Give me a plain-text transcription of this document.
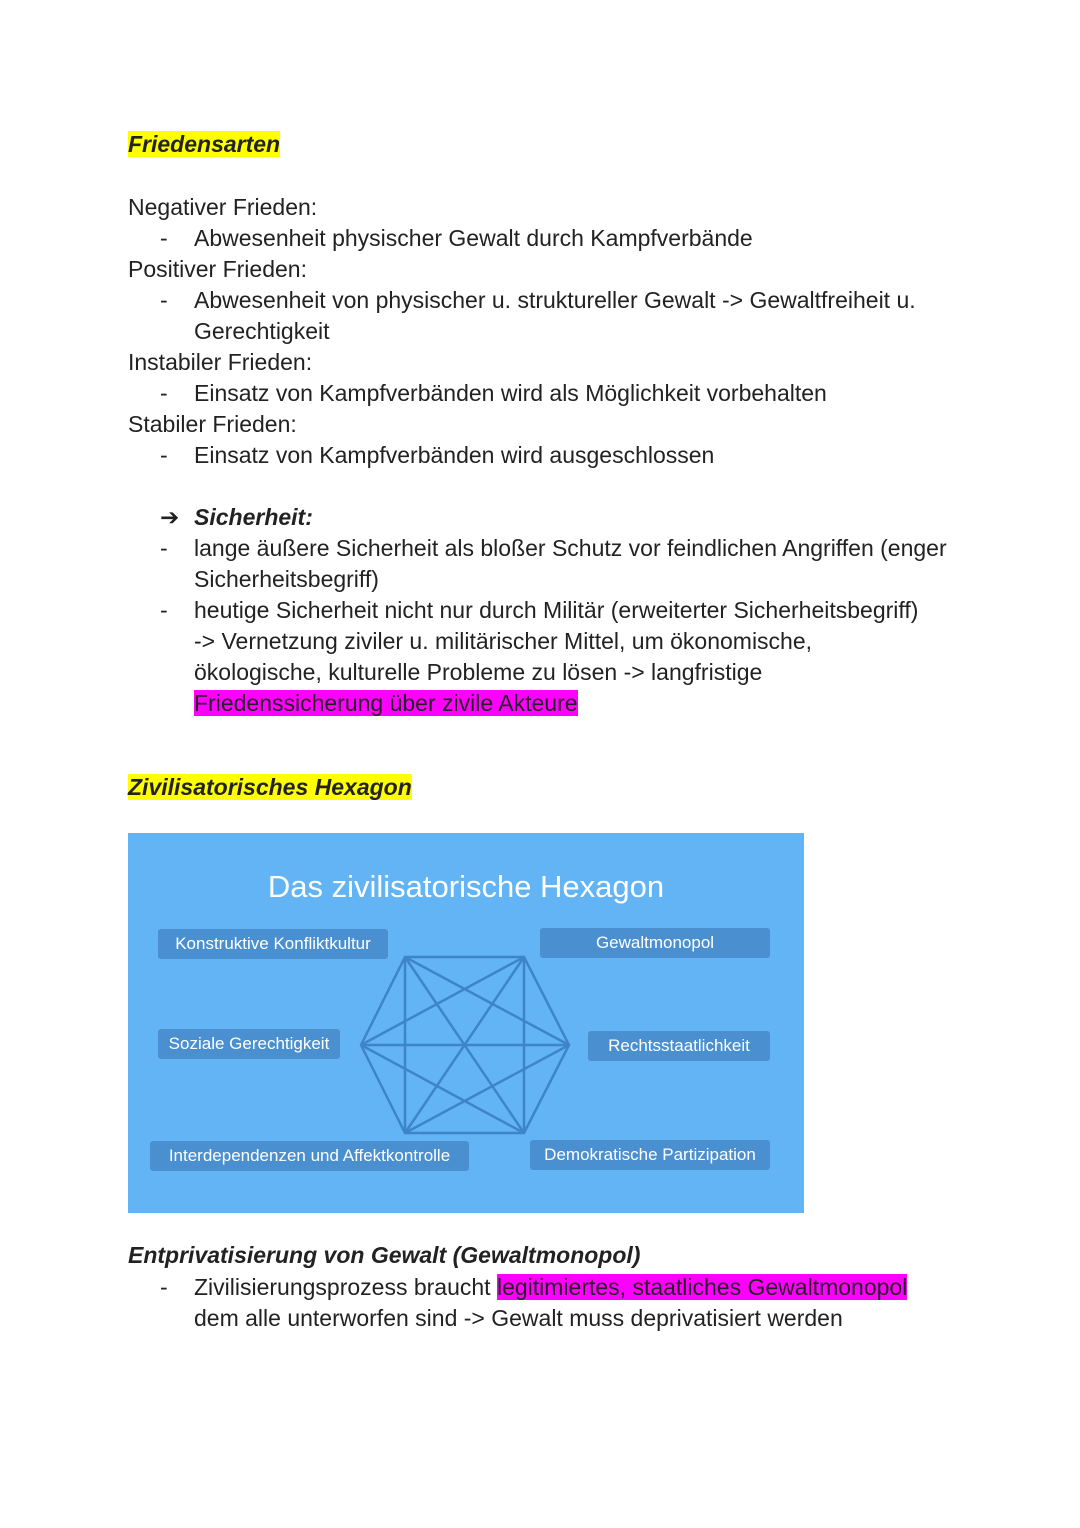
Friedensarten
Negativer Frieden:
- Abwesenheit physischer Gewalt durch Kampfverbände
Positiver Frieden:
- Abwesenheit von physischer u. struktureller Gewalt -> Gewaltfreiheit u.
Gerechtigkeit
Instabiler Frieden:
- Einsatz von Kampfverbänden wird als Möglichkeit vorbehalten
Stabiler Frieden:
- Einsatz von Kampfverbänden wird ausgeschlossen
➔ Sicherheit:
- lange äußere Sicherheit als bloßer Schutz vor feindlichen Angriffen (enger
Sicherheitsbegriff)
- heutige Sicherheit nicht nur durch Militär (erweiterter Sicherheitsbegriff)
-> Vernetzung ziviler u. militärischer Mittel, um ökonomische,
ökologische, kulturelle Probleme zu lösen -> langfristige
Friedenssicherung über zivile Akteure
Zivilisatorisches Hexagon
Das zivilisatorische Hexagon
Konstruktive Konfliktkultur	Gewaltmonopol
Soziale Gerechtigkeit	Rechtsstaatlichkeit
Interdependenzen und Affektkontrolle	Demokratische Partizipation
Entprivatisierung von Gewalt (Gewaltmonopol)
- Zivilisierungsprozess braucht legitimiertes, staatliches Gewaltmonopol
dem alle unterworfen sind -> Gewalt muss deprivatisiert werden
